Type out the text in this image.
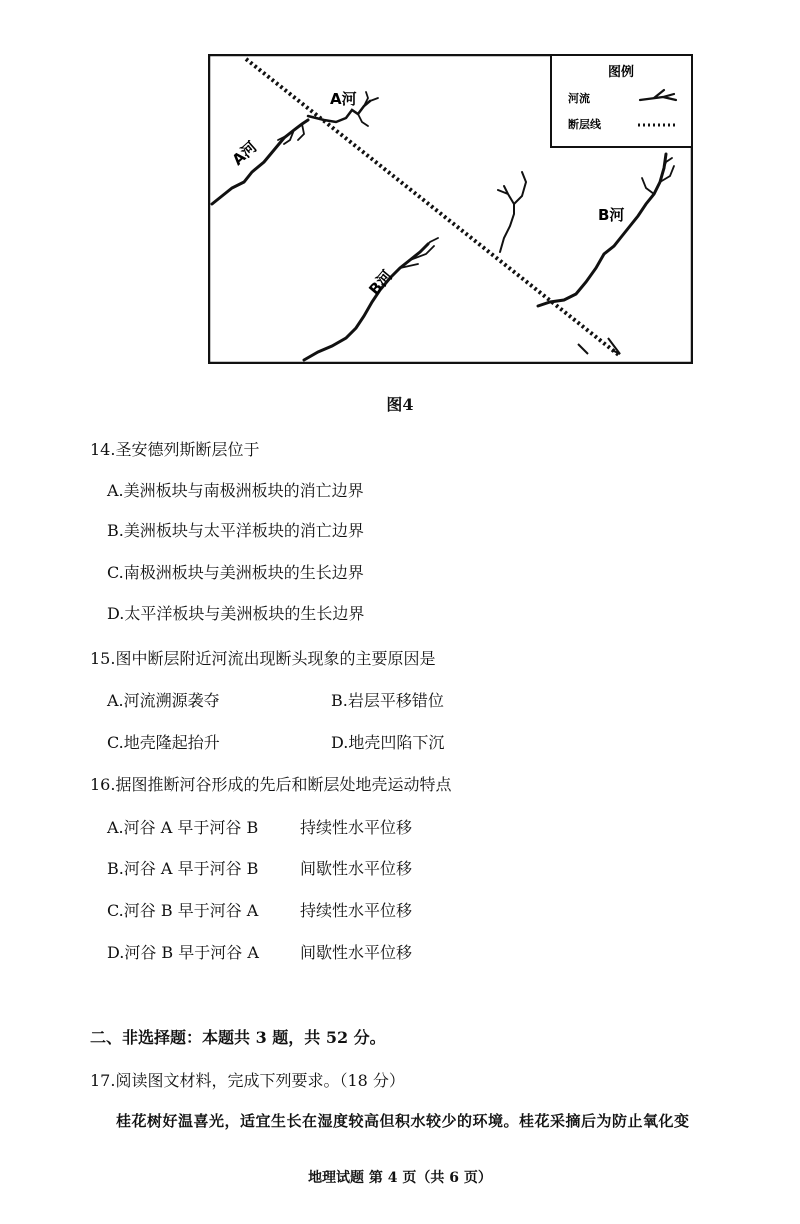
图例
河流
断层线
A河
A河
B河
B河
图4
14.圣安德列斯断层位于
A.美洲板块与南极洲板块的消亡边界
B.美洲板块与太平洋板块的消亡边界
C.南极洲板块与美洲板块的生长边界
D.太平洋板块与美洲板块的生长边界
15.图中断层附近河流出现断头现象的主要原因是
A.河流溯源袭夺	B.岩层平移错位
C.地壳隆起抬升	D.地壳凹陷下沉
16.据图推断河谷形成的先后和断层处地壳运动特点
A.河谷 A 早于河谷 B	持续性水平位移
B.河谷 A 早于河谷 B	间歇性水平位移
C.河谷 B 早于河谷 A	持续性水平位移
D.河谷 B 早于河谷 A	间歇性水平位移
二、非选择题：本题共 3 题，共 52 分。
17.阅读图文材料，完成下列要求。（18 分）
桂花树好温喜光，适宜生长在湿度较高但积水较少的环境。桂花采摘后为防止氧化变
地理试题 第 4 页（共 6 页）
